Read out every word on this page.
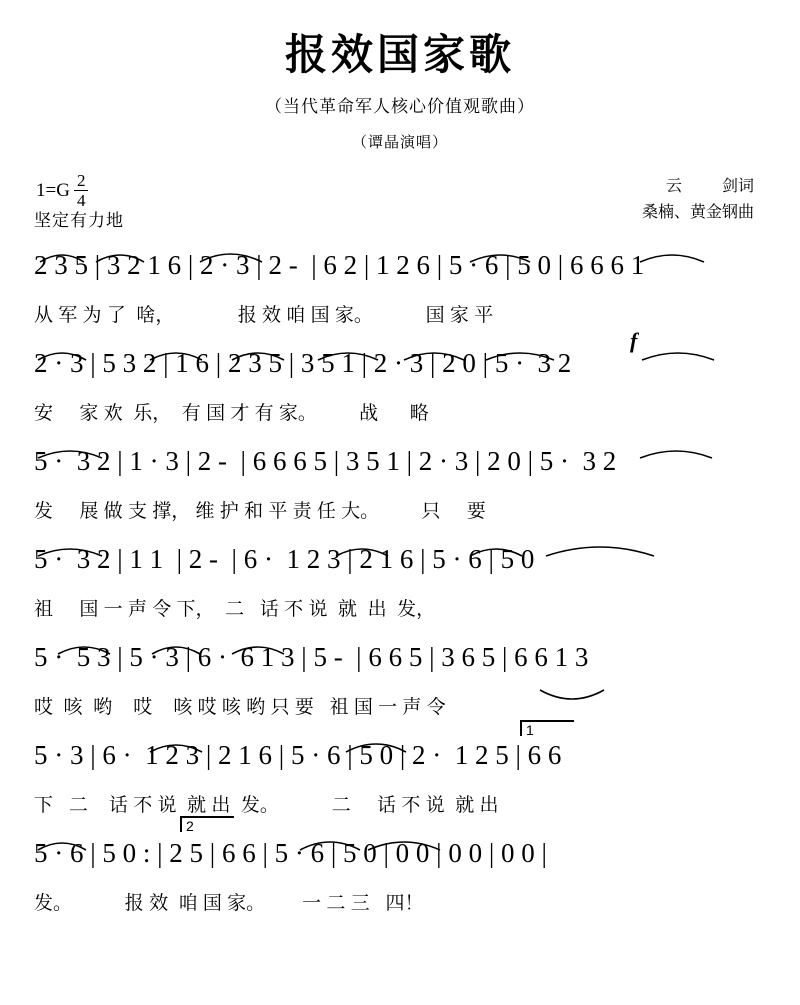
报效国家歌
（当代革命军人核心价值观歌曲）
（谭晶演唱）
$1=G \frac{2}{4}$
坚定有力地
云         剑词
桑楠、黄金钢曲
2 3 5 | 3 2 1 6 | 2 · 3 | 2 -  | 6 2 | 1 2 6 | 5 · 6 | 5 0 | 6 6 6 1
从 军 为 了  啥，            报 效 咱 国 家。          国 家 平
f
2 · 3 | 5 3 2 | 1 6 | 2 3 5 | 3 5 1 | 2 · 3 | 2 0 | 5 ·  3 2
安     家 欢  乐，  有 国 才 有 家。        战      略
5 ·  3 2 | 1 · 3 | 2 -  | 6 6 6 5 | 3 5 1 | 2 · 3 | 2 0 | 5 ·  3 2
发     展 做 支 撑， 维 护 和 平 责 任 大。        只     要
5 ·  3 2 | 1 1  | 2 -  | 6 ·  1 2 3 | 2 1 6 | 5 · 6 | 5 0
祖     国 一 声 令 下，  二   话 不 说  就  出  发，
5 ·  5 3 | 5 · 3 | 6 ·  6 1 3 | 5 -  | 6 6 5 | 3 6 5 | 6 6 1 3
哎  咳  哟    哎    咳 哎 咳 哟 只 要   祖 国 一 声 令
1
5 · 3 | 6 ·  1 2 3 | 2 1 6 | 5 · 6 | 5 0 | 2 ·  1 2 5 | 6 6
下   二    话 不 说  就 出  发。          二     话 不 说  就 出
2
5 · 6 | 5 0 : | 2 5 | 6 6 | 5 · 6 | 5 0 | 0 0 | 0 0 | 0 0 |
发。          报 效  咱 国 家。       一 二 三   四！
